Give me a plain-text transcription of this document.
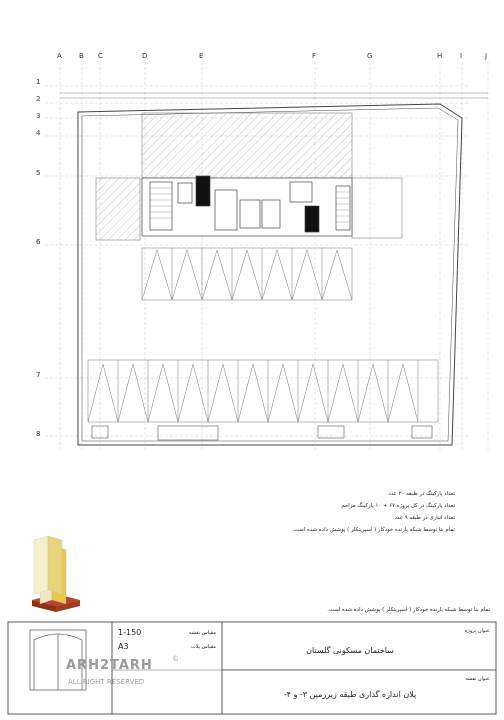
A B C	D	E	F	G	H	I	J
1
2
3
4
5
6
7
8
تعداد پارکینگ در طبقه ۲۰ عدد
تعداد پارکینگ در کل پروژه ۶۷ + ۱۰ پارکینگ مزاحم
تعداد انباری در طبقه ۹ عدد
تمام بنا توسط شبکه بارنده خودکار ( اسپرینکلر ) پوشش داده شده است.
تمام بنا توسط شبکه بارنده خودکار ( اسپرینکلر ) پوشش داده شده است.
1-150
A3
مقیاس نقشه
مقیاس پلات
عنوان پروژه
ساختمان مسکونی گلستان
عنوان نقشه
پلان اندازه گذاری طبقه زیرزمین ۳- و ۴-
ARH2TARH
ALL RIGHT RESERVED
©
